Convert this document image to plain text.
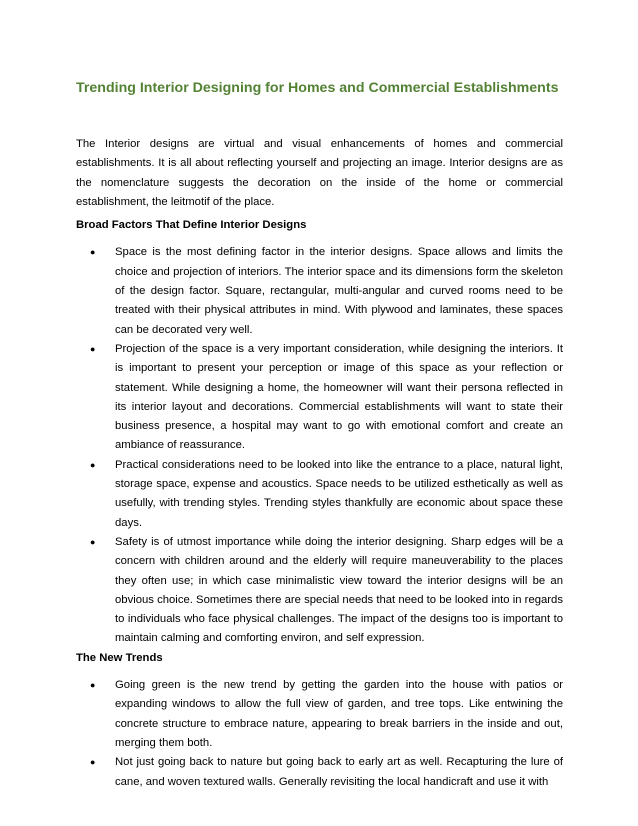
Trending Interior Designing for Homes and Commercial Establishments

The Interior designs are virtual and visual enhancements of homes and commercial establishments. It is all about reflecting yourself and projecting an image. Interior designs are as the nomenclature suggests the decoration on the inside of the home or commercial establishment, the leitmotif of the place.

Broad Factors That Define Interior Designs

● Space is the most defining factor in the interior designs. Space allows and limits the choice and projection of interiors. The interior space and its dimensions form the skeleton of the design factor. Square, rectangular, multi-angular and curved rooms need to be treated with their physical attributes in mind. With plywood and laminates, these spaces can be decorated very well.
● Projection of the space is a very important consideration, while designing the interiors. It is important to present your perception or image of this space as your reflection or statement. While designing a home, the homeowner will want their persona reflected in its interior layout and decorations. Commercial establishments will want to state their business presence, a hospital may want to go with emotional comfort and create an ambiance of reassurance.
● Practical considerations need to be looked into like the entrance to a place, natural light, storage space, expense and acoustics. Space needs to be utilized esthetically as well as usefully, with trending styles. Trending styles thankfully are economic about space these days.
● Safety is of utmost importance while doing the interior designing. Sharp edges will be a concern with children around and the elderly will require maneuverability to the places they often use; in which case minimalistic view toward the interior designs will be an obvious choice. Sometimes there are special needs that need to be looked into in regards to individuals who face physical challenges. The impact of the designs too is important to maintain calming and comforting environ, and self expression.

The New Trends

● Going green is the new trend by getting the garden into the house with patios or expanding windows to allow the full view of garden, and tree tops. Like entwining the concrete structure to embrace nature, appearing to break barriers in the inside and out, merging them both.
● Not just going back to nature but going back to early art as well. Recapturing the lure of cane, and woven textured walls. Generally revisiting the local handicraft and use it with
